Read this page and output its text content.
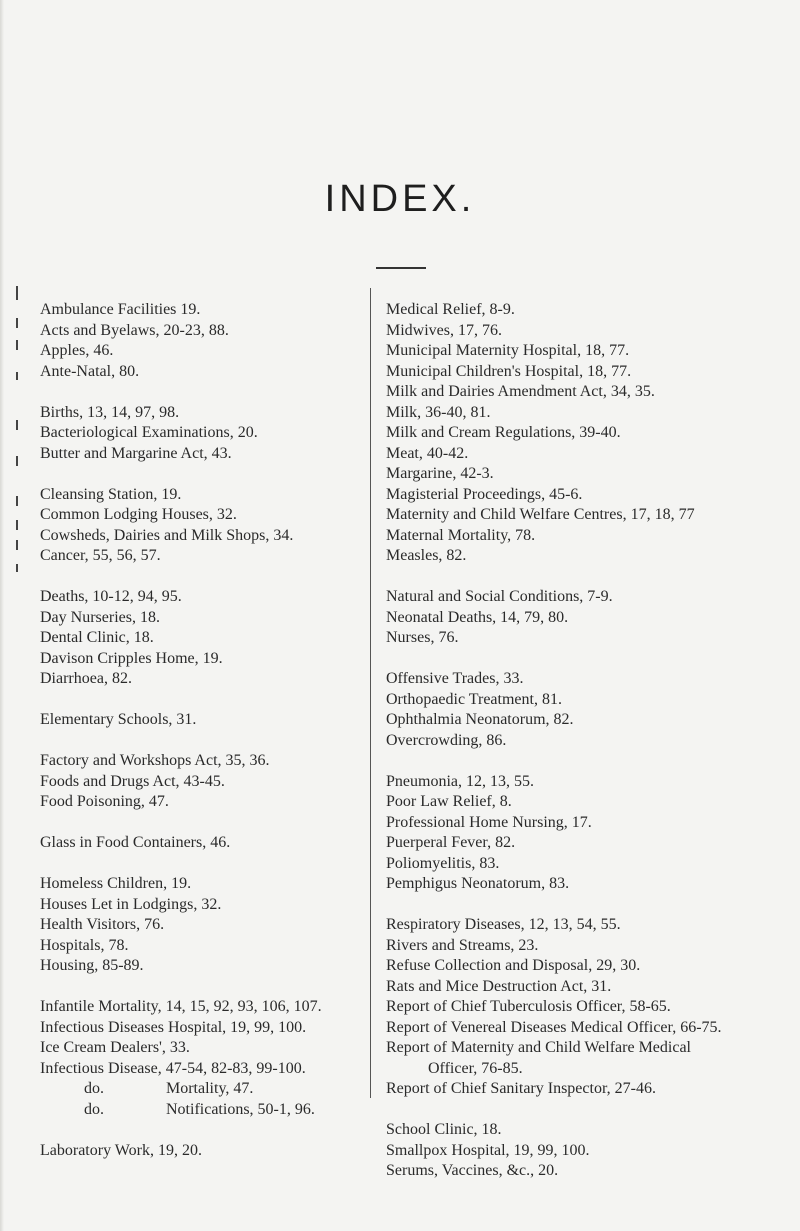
INDEX.
Ambulance Facilities 19.
Acts and Byelaws, 20-23, 88.
Apples, 46.
Ante-Natal, 80.
Births, 13, 14, 97, 98.
Bacteriological Examinations, 20.
Butter and Margarine Act, 43.
Cleansing Station, 19.
Common Lodging Houses, 32.
Cowsheds, Dairies and Milk Shops, 34.
Cancer, 55, 56, 57.
Deaths, 10-12, 94, 95.
Day Nurseries, 18.
Dental Clinic, 18.
Davison Cripples Home, 19.
Diarrhoea, 82.
Elementary Schools, 31.
Factory and Workshops Act, 35, 36.
Foods and Drugs Act, 43-45.
Food Poisoning, 47.
Glass in Food Containers, 46.
Homeless Children, 19.
Houses Let in Lodgings, 32.
Health Visitors, 76.
Hospitals, 78.
Housing, 85-89.
Infantile Mortality, 14, 15, 92, 93, 106, 107.
Infectious Diseases Hospital, 19, 99, 100.
Ice Cream Dealers', 33.
Infectious Disease, 47-54, 82-83, 99-100.
do.	Mortality, 47.
do.	Notifications, 50-1, 96.
Laboratory Work, 19, 20.
Medical Relief, 8-9.
Midwives, 17, 76.
Municipal Maternity Hospital, 18, 77.
Municipal Children's Hospital, 18, 77.
Milk and Dairies Amendment Act, 34, 35.
Milk, 36-40, 81.
Milk and Cream Regulations, 39-40.
Meat, 40-42.
Margarine, 42-3.
Magisterial Proceedings, 45-6.
Maternity and Child Welfare Centres, 17, 18, 77
Maternal Mortality, 78.
Measles, 82.
Natural and Social Conditions, 7-9.
Neonatal Deaths, 14, 79, 80.
Nurses, 76.
Offensive Trades, 33.
Orthopaedic Treatment, 81.
Ophthalmia Neonatorum, 82.
Overcrowding, 86.
Pneumonia, 12, 13, 55.
Poor Law Relief, 8.
Professional Home Nursing, 17.
Puerperal Fever, 82.
Poliomyelitis, 83.
Pemphigus Neonatorum, 83.
Respiratory Diseases, 12, 13, 54, 55.
Rivers and Streams, 23.
Refuse Collection and Disposal, 29, 30.
Rats and Mice Destruction Act, 31.
Report of Chief Tuberculosis Officer, 58-65.
Report of Venereal Diseases Medical Officer, 66-75.
Report of Maternity and Child Welfare Medical
Officer, 76-85.
Report of Chief Sanitary Inspector, 27-46.
School Clinic, 18.
Smallpox Hospital, 19, 99, 100.
Serums, Vaccines, &c., 20.
